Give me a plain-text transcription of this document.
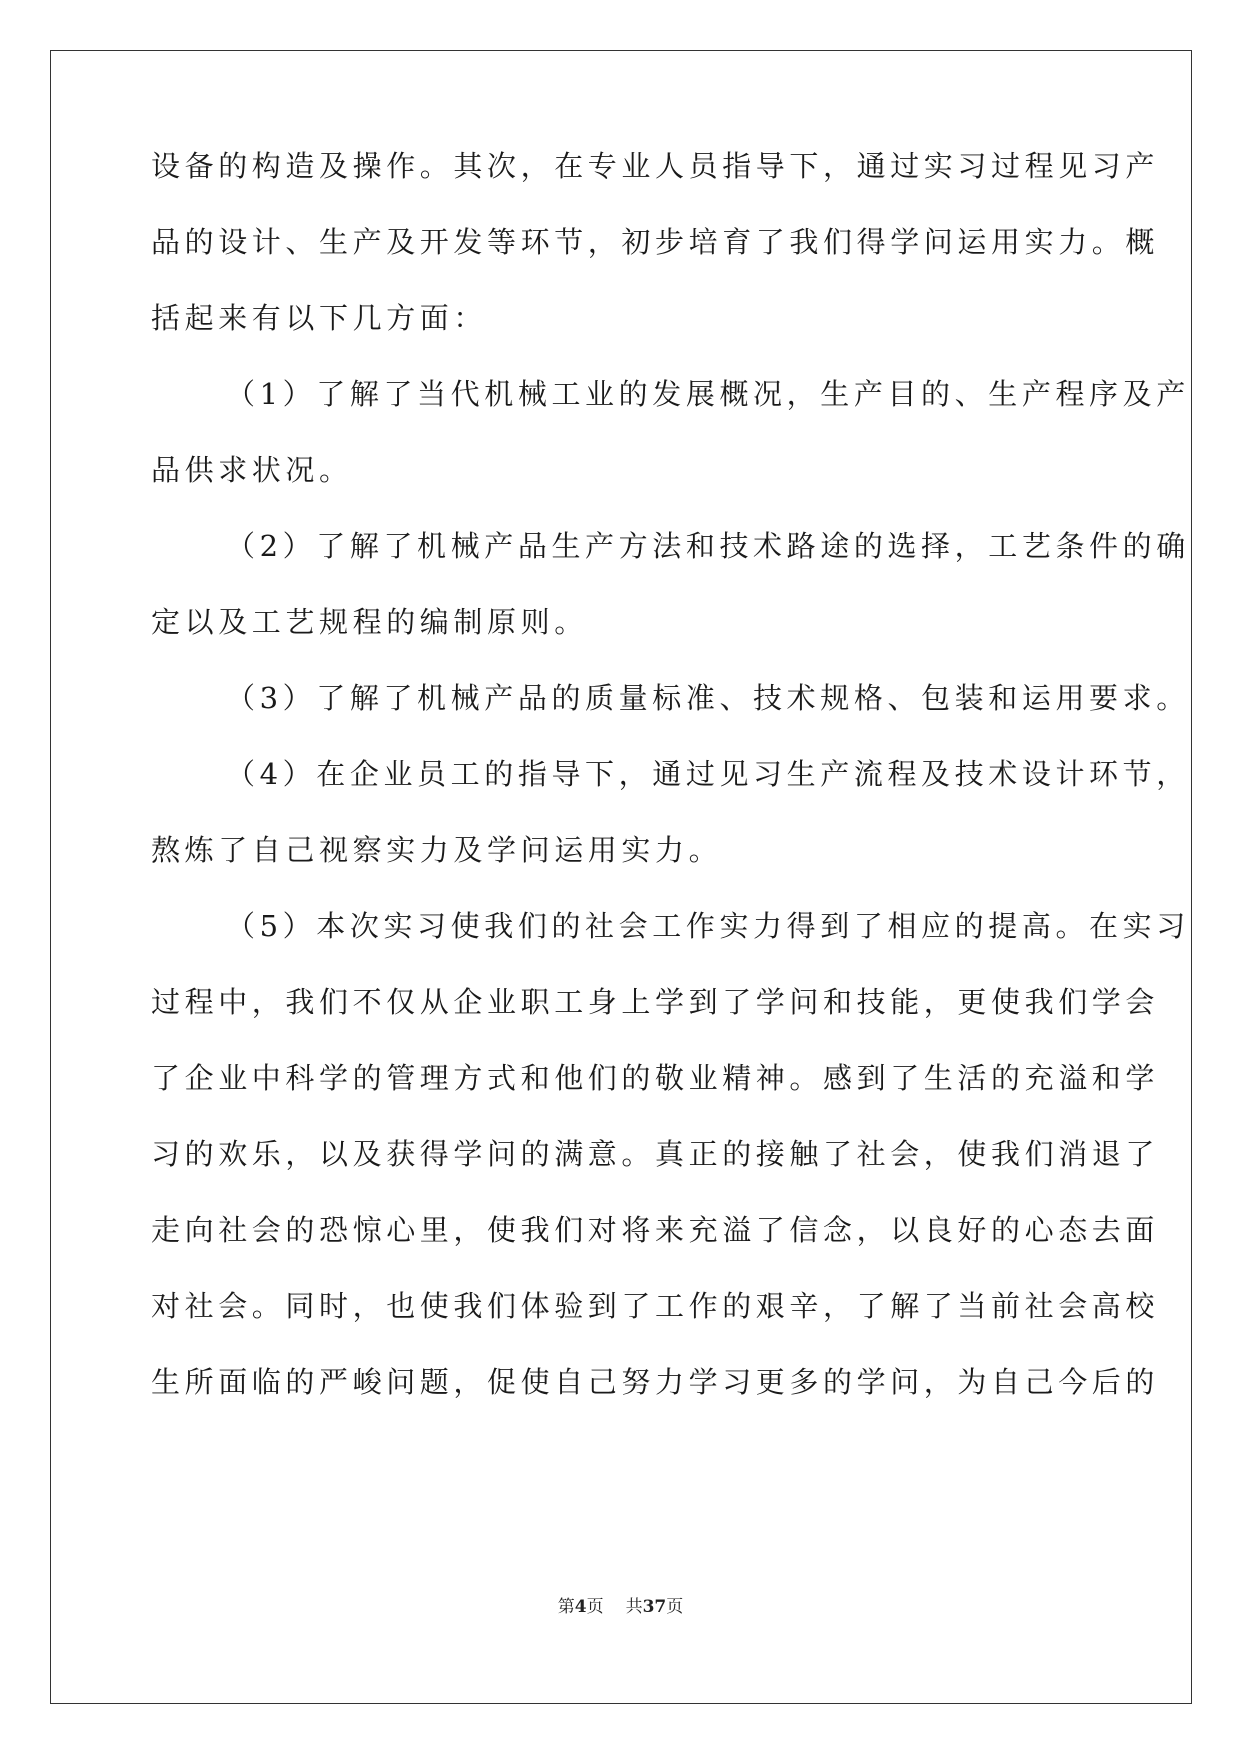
设备的构造及操作。其次，在专业人员指导下，通过实习过程见习产
品的设计、生产及开发等环节，初步培育了我们得学问运用实力。概
括起来有以下几方面：
（1）了解了当代机械工业的发展概况，生产目的、生产程序及产
品供求状况。
（2）了解了机械产品生产方法和技术路途的选择，工艺条件的确
定以及工艺规程的编制原则。
（3）了解了机械产品的质量标准、技术规格、包装和运用要求。
（4）在企业员工的指导下，通过见习生产流程及技术设计环节，
熬炼了自己视察实力及学问运用实力。
（5）本次实习使我们的社会工作实力得到了相应的提高。在实习
过程中，我们不仅从企业职工身上学到了学问和技能，更使我们学会
了企业中科学的管理方式和他们的敬业精神。感到了生活的充溢和学
习的欢乐，以及获得学问的满意。真正的接触了社会，使我们消退了
走向社会的恐惊心里，使我们对将来充溢了信念，以良好的心态去面
对社会。同时，也使我们体验到了工作的艰辛，了解了当前社会高校
生所面临的严峻问题，促使自己努力学习更多的学问，为自己今后的
第4页 共37页
